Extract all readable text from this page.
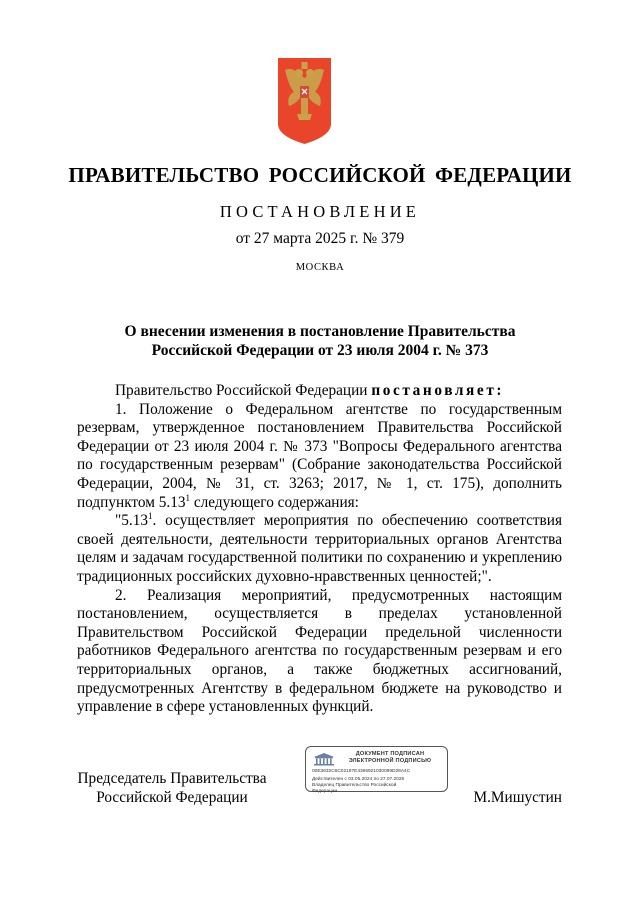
ПРАВИТЕЛЬСТВО РОССИЙСКОЙ ФЕДЕРАЦИИ
ПОСТАНОВЛЕНИЕ
от 27 марта 2025 г. № 379
МОСКВА
О внесении изменения в постановление Правительства
Российской Федерации от 23 июля 2004 г. № 373

Правительство Российской Федерации постановляет:

1. Положение о Федеральном агентстве по государственным резервам, утвержденное постановлением Правительства Российской Федерации от 23 июля 2004 г. № 373 "Вопросы Федерального агентства по государственным резервам" (Собрание законодательства Российской Федерации, 2004, № 31, ст. 3263; 2017, № 1, ст. 175), дополнить подпунктом 5.13$^1$ следующего содержания:

"5.13$^1$. осуществляет мероприятия по обеспечению соответствия своей деятельности, деятельности территориальных органов Агентства целям и задачам государственной политики по сохранению и укреплению традиционных российских духовно-нравственных ценностей;".

2. Реализация мероприятий, предусмотренных настоящим постановлением, осуществляется в пределах установленной Правительством Российской Федерации предельной численности работников Федерального агентства по государственным резервам и его территориальных органов, а также бюджетных ассигнований, предусмотренных Агентству в федеральном бюджете на руководство и управление в сфере установленных функций.

Председатель Правительства
Российской Федерации
ДОКУМЕНТ ПОДПИСАН
ЭЛЕКТРОННОЙ ПОДПИСЬЮ
00E3632C6C02197E4366921030099D28A4C
Действителен с 03.05.2024 по 27.07.2025
Владелец Правительство Российской Федерации	М.Мишустин
